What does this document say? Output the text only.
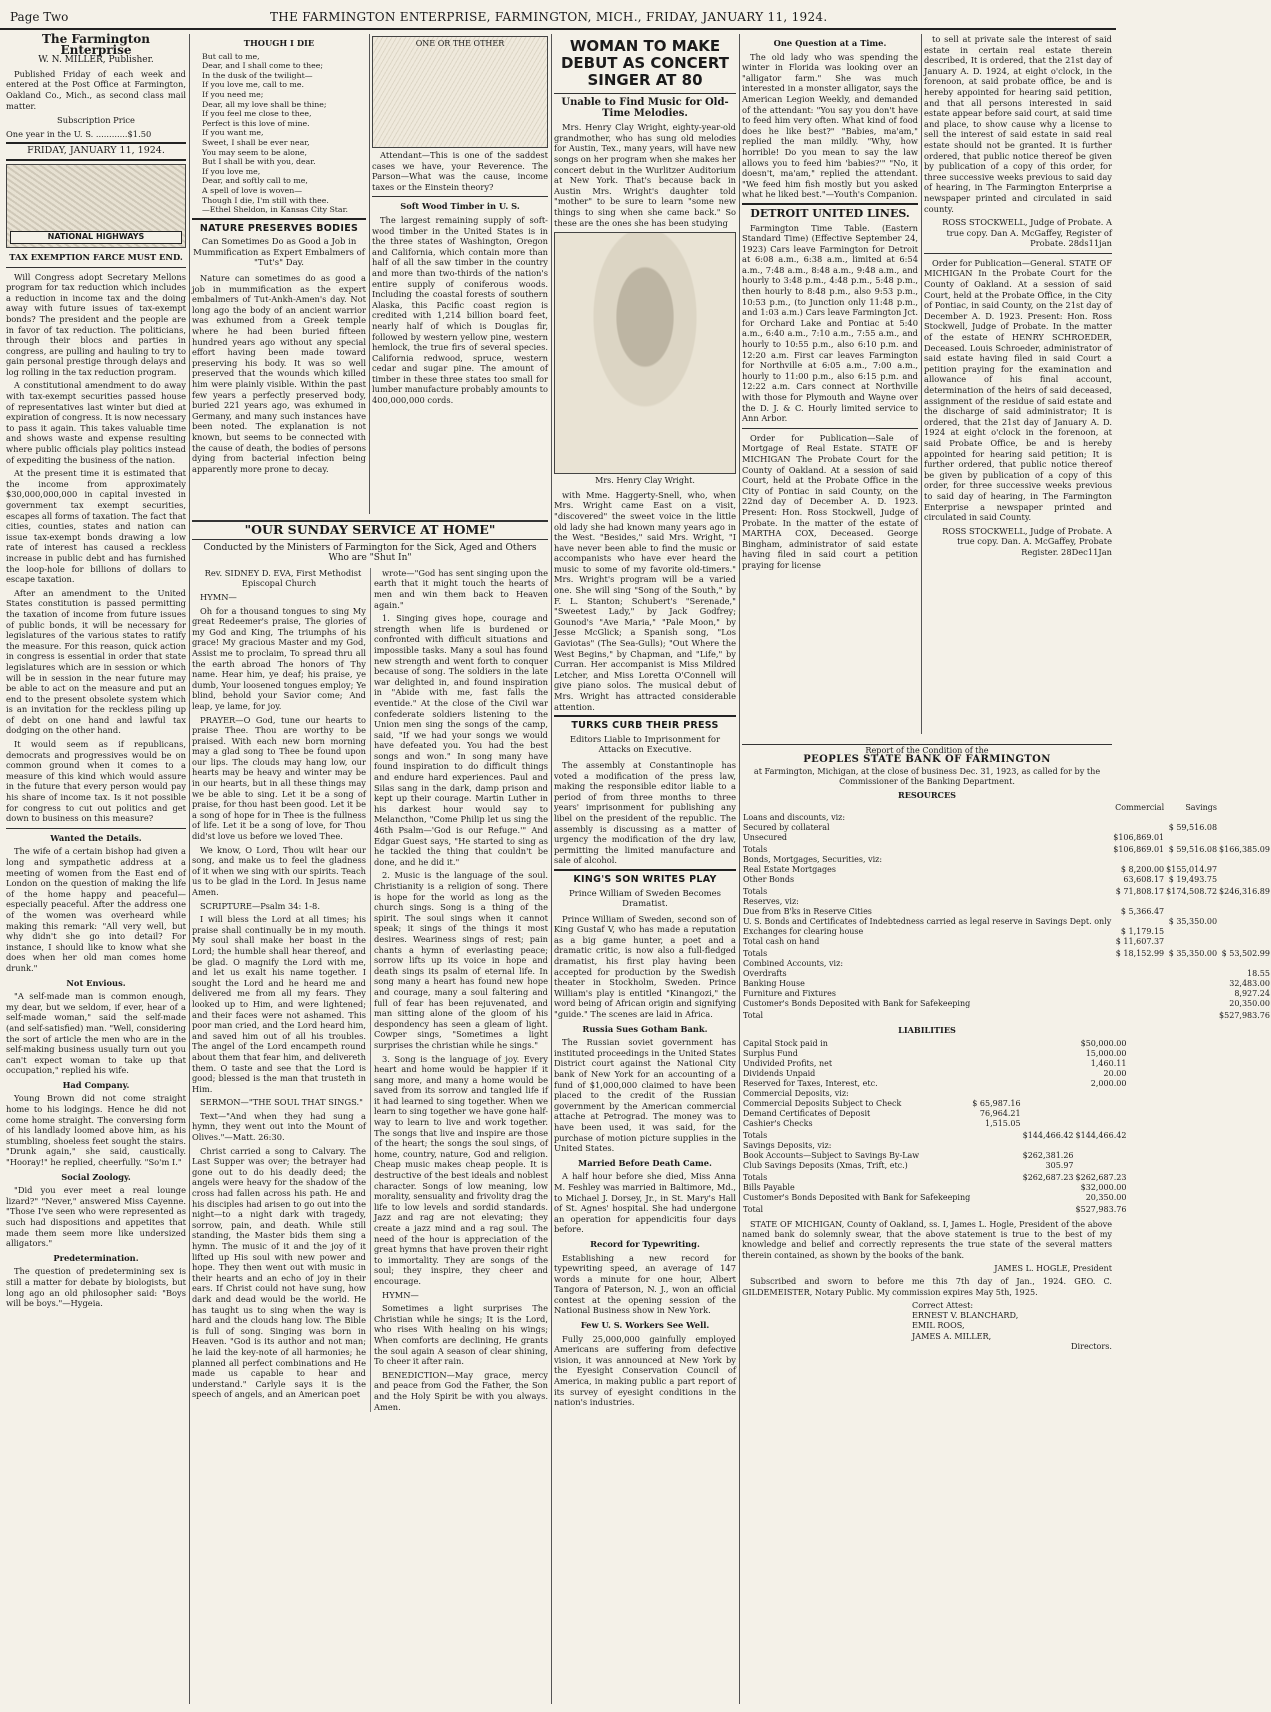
Page Two	THE FARMINGTON ENTERPRISE, FARMINGTON, MICH., FRIDAY, JANUARY 11, 1924.
The Farmington Enterprise
W. N. MILLER, Publisher.
Published Friday of each week and entered at the Post Office at Farmington, Oakland Co., Mich., as second class mail matter.
Subscription Price
One year in the U. S. ............$1.50
FRIDAY, JANUARY 11, 1924.
NATIONAL HIGHWAYS
TAX EXEMPTION FARCE MUST END.
Will Congress adopt Secretary Mellons program for tax reduction which includes a reduction in income tax and the doing away with future issues of tax-exempt bonds? The president and the people are in favor of tax reduction. The politicians, through their blocs and parties in congress, are pulling and hauling to try to gain personal prestige through delays and log rolling in the tax reduction program.
A constitutional amendment to do away with tax-exempt securities passed house of representatives last winter but died at expiration of congress. It is now necessary to pass it again. This takes valuable time and shows waste and expense resulting where public officials play politics instead of expediting the business of the nation.
At the present time it is estimated that the income from approximately $30,000,000,000 in capital invested in government tax exempt securities, escapes all forms of taxation. The fact that cities, counties, states and nation can issue tax-exempt bonds drawing a low rate of interest has caused a reckless increase in public debt and has furnished the loop-hole for billions of dollars to escape taxation.
After an amendment to the United States constitution is passed permitting the taxation of income from future issues of public bonds, it will be necessary for legislatures of the various states to ratify the measure. For this reason, quick action in congress is essential in order that state legislatures which are in session or which will be in session in the near future may be able to act on the measure and put an end to the present obsolete system which is an invitation for the reckless piling up of debt on one hand and lawful tax dodging on the other hand.
It would seem as if republicans, democrats and progressives would be on common ground when it comes to a measure of this kind which would assure in the future that every person would pay his share of income tax. Is it not possible for congress to cut out politics and get down to business on this measure?
Wanted the Details.
The wife of a certain bishop had given a long and sympathetic address at a meeting of women from the East end of London on the question of making the life of the home happy and peaceful—especially peaceful. After the address one of the women was overheard while making this remark: "All very well, but why didn't she go into detail? For instance, I should like to know what she does when her old man comes home drunk."
Not Envious.
"A self-made man is common enough, my dear, but we seldom, if ever, hear of a self-made woman," said the self-made (and self-satisfied) man. "Well, considering the sort of article the men who are in the self-making business usually turn out you can't expect woman to take up that occupation," replied his wife.
Had Company.
Young Brown did not come straight home to his lodgings. Hence he did not come home straight. The conversing form of his landlady loomed above him, as his stumbling, shoeless feet sought the stairs. "Drunk again," she said, caustically. "Hooray!" he replied, cheerfully. "So'm I."
Social Zoology.
"Did you ever meet a real lounge lizard?" "Never," answered Miss Cayenne. "Those I've seen who were represented as such had dispositions and appetites that made them seem more like undersized alligators."
Predetermination.
The question of predetermining sex is still a matter for debate by biologists, but long ago an old philosopher said: "Boys will be boys."—Hygeia.
THOUGH I DIE
But call to me,
Dear, and I shall come to thee;
In the dusk of the twilight—
If you love me, call to me.
If you need me;
Dear, all my love shall be thine;
If you feel me close to thee,
Perfect is this love of mine.
If you want me,
Sweet, I shall be ever near,
You may seem to be alone,
But I shall be with you, dear.
If you love me,
Dear, and softly call to me,
A spell of love is woven—
Though I die, I'm still with thee.
—Ethel Sheldon, in Kansas City Star.
NATURE PRESERVES BODIES
Can Sometimes Do as Good a Job in Mummification as Expert Embalmers of "Tut's" Day.
Nature can sometimes do as good a job in mummification as the expert embalmers of Tut-Ankh-Amen's day. Not long ago the body of an ancient warrior was exhumed from a Greek temple where he had been buried fifteen hundred years ago without any special effort having been made toward preserving his body. It was so well preserved that the wounds which killed him were plainly visible. Within the past few years a perfectly preserved body, buried 221 years ago, was exhumed in Germany, and many such instances have been noted. The explanation is not known, but seems to be connected with the cause of death, the bodies of persons dying from bacterial infection being apparently more prone to decay.
ONE OR THE OTHER
Attendant—This is one of the saddest cases we have, your Reverence. The Parson—What was the cause, income taxes or the Einstein theory?
Soft Wood Timber in U. S.
The largest remaining supply of soft-wood timber in the United States is in the three states of Washington, Oregon and California, which contain more than half of all the saw timber in the country and more than two-thirds of the nation's entire supply of coniferous woods. Including the coastal forests of southern Alaska, this Pacific coast region is credited with 1,214 billion board feet, nearly half of which is Douglas fir, followed by western yellow pine, western hemlock, the true firs of several species. California redwood, spruce, western cedar and sugar pine. The amount of timber in these three states too small for lumber manufacture probably amounts to 400,000,000 cords.
"OUR SUNDAY SERVICE AT HOME"
Conducted by the Ministers of Farmington for the Sick, Aged and Others Who are "Shut In"
Rev. SIDNEY D. EVA, First Methodist Episcopal Church
HYMN—
Oh for a thousand tongues to sing My great Redeemer's praise, The glories of my God and King, The triumphs of his grace! My gracious Master and my God, Assist me to proclaim, To spread thru all the earth abroad The honors of Thy name. Hear him, ye deaf; his praise, ye dumb, Your loosened tongues employ; Ye blind, behold your Savior come; And leap, ye lame, for joy.
PRAYER—O God, tune our hearts to praise Thee. Thou are worthy to be praised. With each new born morning may a glad song to Thee be found upon our lips. The clouds may hang low, our hearts may be heavy and winter may be in our hearts, but in all these things may we be able to sing. Let it be a song of praise, for thou hast been good. Let it be a song of hope for in Thee is the fullness of life. Let it be a song of love, for Thou did'st love us before we loved Thee.
We know, O Lord, Thou wilt hear our song, and make us to feel the gladness of it when we sing with our spirits. Teach us to be glad in the Lord. In Jesus name Amen.
SCRIPTURE—Psalm 34: 1-8.
I will bless the Lord at all times; his praise shall continually be in my mouth. My soul shall make her boast in the Lord; the humble shall hear thereof, and be glad. O magnify the Lord with me, and let us exalt his name together. I sought the Lord and he heard me and delivered me from all my fears. They looked up to Him, and were lightened; and their faces were not ashamed. This poor man cried, and the Lord heard him, and saved him out of all his troubles. The angel of the Lord encampeth round about them that fear him, and delivereth them. O taste and see that the Lord is good; blessed is the man that trusteth in Him.
SERMON—"THE SOUL THAT SINGS."
Text—"And when they had sung a hymn, they went out into the Mount of Olives."—Matt. 26:30.
Christ carried a song to Calvary. The Last Supper was over; the betrayer had gone out to do his deadly deed; the angels were heavy for the shadow of the cross had fallen across his path. He and his disciples had arisen to go out into the night—to a night dark with tragedy, sorrow, pain, and death. While still standing, the Master bids them sing a hymn. The music of it and the joy of it lifted up His soul with new power and hope. They then went out with music in their hearts and an echo of joy in their ears. If Christ could not have sung, how dark and dead would be the world. He has taught us to sing when the way is hard and the clouds hang low. The Bible is full of song. Singing was born in Heaven. "God is its author and not man; he laid the key-note of all harmonies; he planned all perfect combinations and He made us capable to hear and understand." Carlyle says it is the speech of angels, and an American poet
wrote—"God has sent singing upon the earth that it might touch the hearts of men and win them back to Heaven again."
1. Singing gives hope, courage and strength when life is burdened or confronted with difficult situations and impossible tasks. Many a soul has found new strength and went forth to conquer because of song. The soldiers in the late war delighted in, and found inspiration in "Abide with me, fast falls the eventide." At the close of the Civil war confederate soldiers listening to the Union men sing the songs of the camp, said, "If we had your songs we would have defeated you. You had the best songs and won." In song many have found inspiration to do difficult things and endure hard experiences. Paul and Silas sang in the dark, damp prison and kept up their courage. Martin Luther in his darkest hour would say to Melancthon, "Come Philip let us sing the 46th Psalm—'God is our Refuge.'" And Edgar Guest says, "He started to sing as he tackled the thing that couldn't be done, and he did it."
2. Music is the language of the soul. Christianity is a religion of song. There is hope for the world as long as the church sings. Song is a thing of the spirit. The soul sings when it cannot speak; it sings of the things it most desires. Weariness sings of rest; pain chants a hymn of everlasting peace; sorrow lifts up its voice in hope and death sings its psalm of eternal life. In song many a heart has found new hope and courage, many a soul faltering and full of fear has been rejuvenated, and man sitting alone of the gloom of his despondency has seen a gleam of light. Cowper sings, "Sometimes a light surprises the christian while he sings."
3. Song is the language of joy. Every heart and home would be happier if it sang more, and many a home would be saved from its sorrow and tangled life if it had learned to sing together. When we learn to sing together we have gone half-way to learn to live and work together. The songs that live and inspire are those of the heart; the songs the soul sings, of home, country, nature, God and religion. Cheap music makes cheap people. It is destructive of the best ideals and noblest character. Songs of low meaning, low morality, sensuality and frivolity drag the life to low levels and sordid standards. Jazz and rag are not elevating; they create a jazz mind and a rag soul. The need of the hour is appreciation of the great hymns that have proven their right to immortality. They are songs of the soul; they inspire, they cheer and encourage.
HYMN—
Sometimes a light surprises The Christian while he sings; It is the Lord, who rises With healing on his wings; When comforts are declining, He grants the soul again A season of clear shining, To cheer it after rain.
BENEDICTION—May grace, mercy and peace from God the Father, the Son and the Holy Spirit be with you always. Amen.
WOMAN TO MAKE DEBUT AS CONCERT SINGER AT 80
Unable to Find Music for Old-Time Melodies.
Mrs. Henry Clay Wright, eighty-year-old grandmother, who has sung old melodies for Austin, Tex., many years, will have new songs on her program when she makes her concert debut in the Wurlitzer Auditorium at New York. That's because back in Austin Mrs. Wright's daughter told "mother" to be sure to learn "some new things to sing when she came back." So these are the ones she has been studying
Mrs. Henry Clay Wright.
with Mme. Haggerty-Snell, who, when Mrs. Wright came East on a visit, "discovered" the sweet voice in the little old lady she had known many years ago in the West. "Besides," said Mrs. Wright, "I have never been able to find the music or accompanists who have ever heard the music to some of my favorite old-timers." Mrs. Wright's program will be a varied one. She will sing "Song of the South," by F. L. Stanton; Schubert's "Serenade," "Sweetest Lady," by Jack Godfrey; Gounod's "Ave Maria," "Pale Moon," by Jesse McGlick; a Spanish song, "Los Gaviotas" (The Sea-Gulls); "Out Where the West Begins," by Chapman, and "Life," by Curran. Her accompanist is Miss Mildred Letcher, and Miss Loretta O'Connell will give piano solos. The musical debut of Mrs. Wright has attracted considerable attention.
TURKS CURB THEIR PRESS
Editors Liable to Imprisonment for Attacks on Executive.
The assembly at Constantinople has voted a modification of the press law, making the responsible editor liable to a period of from three months to three years' imprisonment for publishing any libel on the president of the republic. The assembly is discussing as a matter of urgency the modification of the dry law, permitting the limited manufacture and sale of alcohol.
KING'S SON WRITES PLAY
Prince William of Sweden Becomes Dramatist.
Prince William of Sweden, second son of King Gustaf V, who has made a reputation as a big game hunter, a poet and a dramatic critic, is now also a full-fledged dramatist, his first play having been accepted for production by the Swedish theater in Stockholm, Sweden. Prince William's play is entitled "Kinangozi," the word being of African origin and signifying "guide." The scenes are laid in Africa.
Russia Sues Gotham Bank.
The Russian soviet government has instituted proceedings in the United States District court against the National City bank of New York for an accounting of a fund of $1,000,000 claimed to have been placed to the credit of the Russian government by the American commercial attache at Petrograd. The money was to have been used, it was said, for the purchase of motion picture supplies in the United States.
Married Before Death Came.
A half hour before she died, Miss Anna M. Feshley was married in Baltimore, Md., to Michael J. Dorsey, Jr., in St. Mary's Hall of St. Agnes' hospital. She had undergone an operation for appendicitis four days before.
Record for Typewriting.
Establishing a new record for typewriting speed, an average of 147 words a minute for one hour, Albert Tangora of Paterson, N. J., won an official contest at the opening session of the National Business show in New York.
Few U. S. Workers See Well.
Fully 25,000,000 gainfully employed Americans are suffering from defective vision, it was announced at New York by the Eyesight Conservation Council of America, in making public a part report of its survey of eyesight conditions in the nation's industries.
One Question at a Time.
The old lady who was spending the winter in Florida was looking over an "alligator farm." She was much interested in a monster alligator, says the American Legion Weekly, and demanded of the attendant: "You say you don't have to feed him very often. What kind of food does he like best?" "Babies, ma'am," replied the man mildly. "Why, how horrible! Do you mean to say the law allows you to feed him 'babies?'" "No, it doesn't, ma'am," replied the attendant. "We feed him fish mostly but you asked what he liked best."—Youth's Companion.
DETROIT UNITED LINES.
Farmington Time Table. (Eastern Standard Time) (Effective September 24, 1923) Cars leave Farmington for Detroit at 6:08 a.m., 6:38 a.m., limited at 6:54 a.m., 7:48 a.m., 8:48 a.m., 9:48 a.m., and hourly to 3:48 p.m., 4:48 p.m., 5:48 p.m., then hourly to 8:48 p.m., also 9:53 p.m., 10:53 p.m., (to Junction only 11:48 p.m., and 1:03 a.m.) Cars leave Farmington Jct. for Orchard Lake and Pontiac at 5:40 a.m., 6:40 a.m., 7:10 a.m., 7:55 a.m., and hourly to 10:55 p.m., also 6:10 p.m. and 12:20 a.m. First car leaves Farmington for Northville at 6:05 a.m., 7:00 a.m., hourly to 11:00 p.m., also 6:15 p.m. and 12:22 a.m. Cars connect at Northville with those for Plymouth and Wayne over the D. J. & C. Hourly limited service to Ann Arbor.
Order for Publication—Sale of Mortgage of Real Estate. STATE OF MICHIGAN The Probate Court for the County of Oakland. At a session of said Court, held at the Probate Office in the City of Pontiac in said County, on the 22nd day of December A. D. 1923. Present: Hon. Ross Stockwell, Judge of Probate. In the matter of the estate of MARTHA COX, Deceased. George Bingham, administrator of said estate having filed in said court a petition praying for license
to sell at private sale the interest of said estate in certain real estate therein described, It is ordered, that the 21st day of January A. D. 1924, at eight o'clock, in the forenoon, at said probate office, be and is hereby appointed for hearing said petition, and that all persons interested in said estate appear before said court, at said time and place, to show cause why a license to sell the interest of said estate in said real estate should not be granted. It is further ordered, that public notice thereof be given by publication of a copy of this order, for three successive weeks previous to said day of hearing, in The Farmington Enterprise a newspaper printed and circulated in said county.
ROSS STOCKWELL, Judge of Probate. A true copy. Dan A. McGaffey, Register of Probate. 28ds11jan
Order for Publication—General. STATE OF MICHIGAN In the Probate Court for the County of Oakland. At a session of said Court, held at the Probate Office, in the City of Pontiac, in said County, on the 21st day of December A. D. 1923. Present: Hon. Ross Stockwell, Judge of Probate. In the matter of the estate of HENRY SCHROEDER, Deceased. Louis Schroeder, administrator of said estate having filed in said Court a petition praying for the examination and allowance of his final account, determination of the heirs of said deceased, assignment of the residue of said estate and the discharge of said administrator; It is ordered, that the 21st day of January A. D. 1924 at eight o'clock in the forenoon, at said Probate Office, be and is hereby appointed for hearing said petition; It is further ordered, that public notice thereof be given by publication of a copy of this order, for three successive weeks previous to said day of hearing, in The Farmington Enterprise a newspaper printed and circulated in said County.
ROSS STOCKWELL, Judge of Probate. A true copy. Dan. A. McGaffey, Probate Register. 28Dec11Jan
Report of the Condition of the
PEOPLES STATE BANK OF FARMINGTON
at Farmington, Michigan, at the close of business Dec. 31, 1923, as called for by the Commissioner of the Banking Department.
RESOURCES
	Commercial	Savings	
Loans and discounts, viz:			
Secured by collateral		$ 59,516.08	
Unsecured	$106,869.01		
Totals	$106,869.01	$ 59,516.08	$166,385.09
Bonds, Mortgages, Securities, viz:			
Real Estate Mortgages	$ 8,200.00	$155,014.97	
Other Bonds	63,608.17	$ 19,493.75	
Totals	$ 71,808.17	$174,508.72	$246,316.89
Reserves, viz:			
Due from B'ks in Reserve Cities	$ 5,366.47		
U. S. Bonds and Certificates of Indebtedness carried as legal reserve in Savings Dept. only		$ 35,350.00	
Exchanges for clearing house	$ 1,179.15		
Total cash on hand	$ 11,607.37		
Totals	$ 18,152.99	$ 35,350.00	$ 53,502.99
Combined Accounts, viz:			
Overdrafts			18.55
Banking House			32,483.00
Furniture and Fixtures			8,927.24
Customer's Bonds Deposited with Bank for Safekeeping			20,350.00
Total			$527,983.76
LIABILITIES
Capital Stock paid in			$50,000.00
Surplus Fund			15,000.00
Undivided Profits, net			1,460.11
Dividends Unpaid			20.00
Reserved for Taxes, Interest, etc.			2,000.00
Commercial Deposits, viz:			
Commercial Deposits Subject to Check	$ 65,987.16		
Demand Certificates of Deposit	76,964.21		
Cashier's Checks	1,515.05		
Totals		$144,466.42	$144,466.42
Savings Deposits, viz:			
Book Accounts—Subject to Savings By-Law		$262,381.26	
Club Savings Deposits (Xmas, Trift, etc.)		305.97	
Totals		$262,687.23	$262,687.23
Bills Payable			$32,000.00
Customer's Bonds Deposited with Bank for Safekeeping			20,350.00
Total			$527,983.76
STATE OF MICHIGAN, County of Oakland, ss. I, James L. Hogle, President of the above named bank do solemnly swear, that the above statement is true to the best of my knowledge and belief and correctly represents the true state of the several matters therein contained, as shown by the books of the bank.
JAMES L. HOGLE, President
Subscribed and sworn to before me this 7th day of Jan., 1924. GEO. C. GILDEMEISTER, Notary Public. My commission expires May 5th, 1925.
Correct Attest:
ERNEST V. BLANCHARD,
EMIL ROOS,
JAMES A. MILLER,
Directors.
